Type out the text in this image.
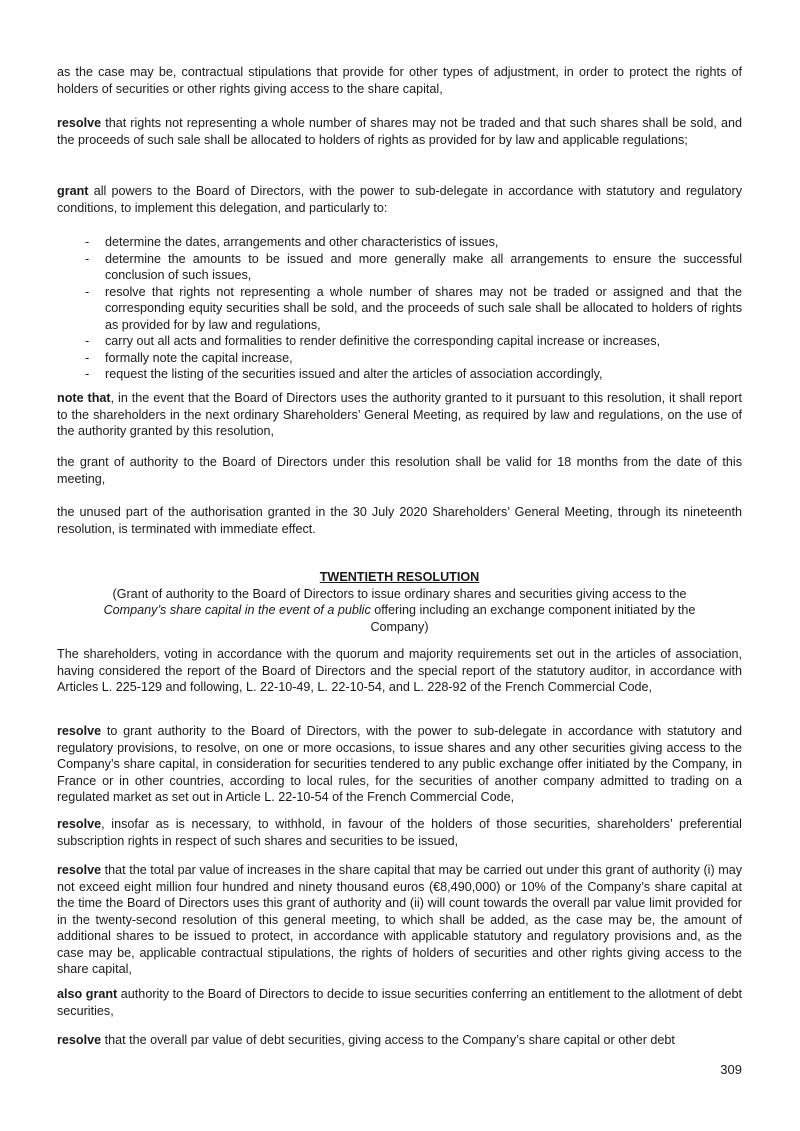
as the case may be, contractual stipulations that provide for other types of adjustment, in order to protect the rights of holders of securities or other rights giving access to the share capital,

resolve that rights not representing a whole number of shares may not be traded and that such shares shall be sold, and the proceeds of such sale shall be allocated to holders of rights as provided for by law and applicable regulations;

grant all powers to the Board of Directors, with the power to sub-delegate in accordance with statutory and regulatory conditions, to implement this delegation, and particularly to:

- determine the dates, arrangements and other characteristics of issues,
- determine the amounts to be issued and more generally make all arrangements to ensure the successful conclusion of such issues,
- resolve that rights not representing a whole number of shares may not be traded or assigned and that the corresponding equity securities shall be sold, and the proceeds of such sale shall be allocated to holders of rights as provided for by law and regulations,
- carry out all acts and formalities to render definitive the corresponding capital increase or increases,
- formally note the capital increase,
- request the listing of the securities issued and alter the articles of association accordingly,

note that, in the event that the Board of Directors uses the authority granted to it pursuant to this resolution, it shall report to the shareholders in the next ordinary Shareholders’ General Meeting, as required by law and regulations, on the use of the authority granted by this resolution,

the grant of authority to the Board of Directors under this resolution shall be valid for 18 months from the date of this meeting,

the unused part of the authorisation granted in the 30 July 2020 Shareholders’ General Meeting, through its nineteenth resolution, is terminated with immediate effect.

TWENTIETH RESOLUTION
(Grant of authority to the Board of Directors to issue ordinary shares and securities giving access to the
Company’s share capital in the event of a public offering including an exchange component initiated by the
Company)

The shareholders, voting in accordance with the quorum and majority requirements set out in the articles of association, having considered the report of the Board of Directors and the special report of the statutory auditor, in accordance with Articles L. 225-129 and following, L. 22-10-49, L. 22-10-54, and L. 228-92 of the French Commercial Code,

resolve to grant authority to the Board of Directors, with the power to sub-delegate in accordance with statutory and regulatory provisions, to resolve, on one or more occasions, to issue shares and any other securities giving access to the Company’s share capital, in consideration for securities tendered to any public exchange offer initiated by the Company, in France or in other countries, according to local rules, for the securities of another company admitted to trading on a regulated market as set out in Article L. 22-10-54 of the French Commercial Code,

resolve, insofar as is necessary, to withhold, in favour of the holders of those securities, shareholders’ preferential subscription rights in respect of such shares and securities to be issued,

resolve that the total par value of increases in the share capital that may be carried out under this grant of authority (i) may not exceed eight million four hundred and ninety thousand euros (€8,490,000) or 10% of the Company’s share capital at the time the Board of Directors uses this grant of authority and (ii) will count towards the overall par value limit provided for in the twenty-second resolution of this general meeting, to which shall be added, as the case may be, the amount of additional shares to be issued to protect, in accordance with applicable statutory and regulatory provisions and, as the case may be, applicable contractual stipulations, the rights of holders of securities and other rights giving access to the share capital,

also grant authority to the Board of Directors to decide to issue securities conferring an entitlement to the allotment of debt securities,

resolve that the overall par value of debt securities, giving access to the Company’s share capital or other debt

309
